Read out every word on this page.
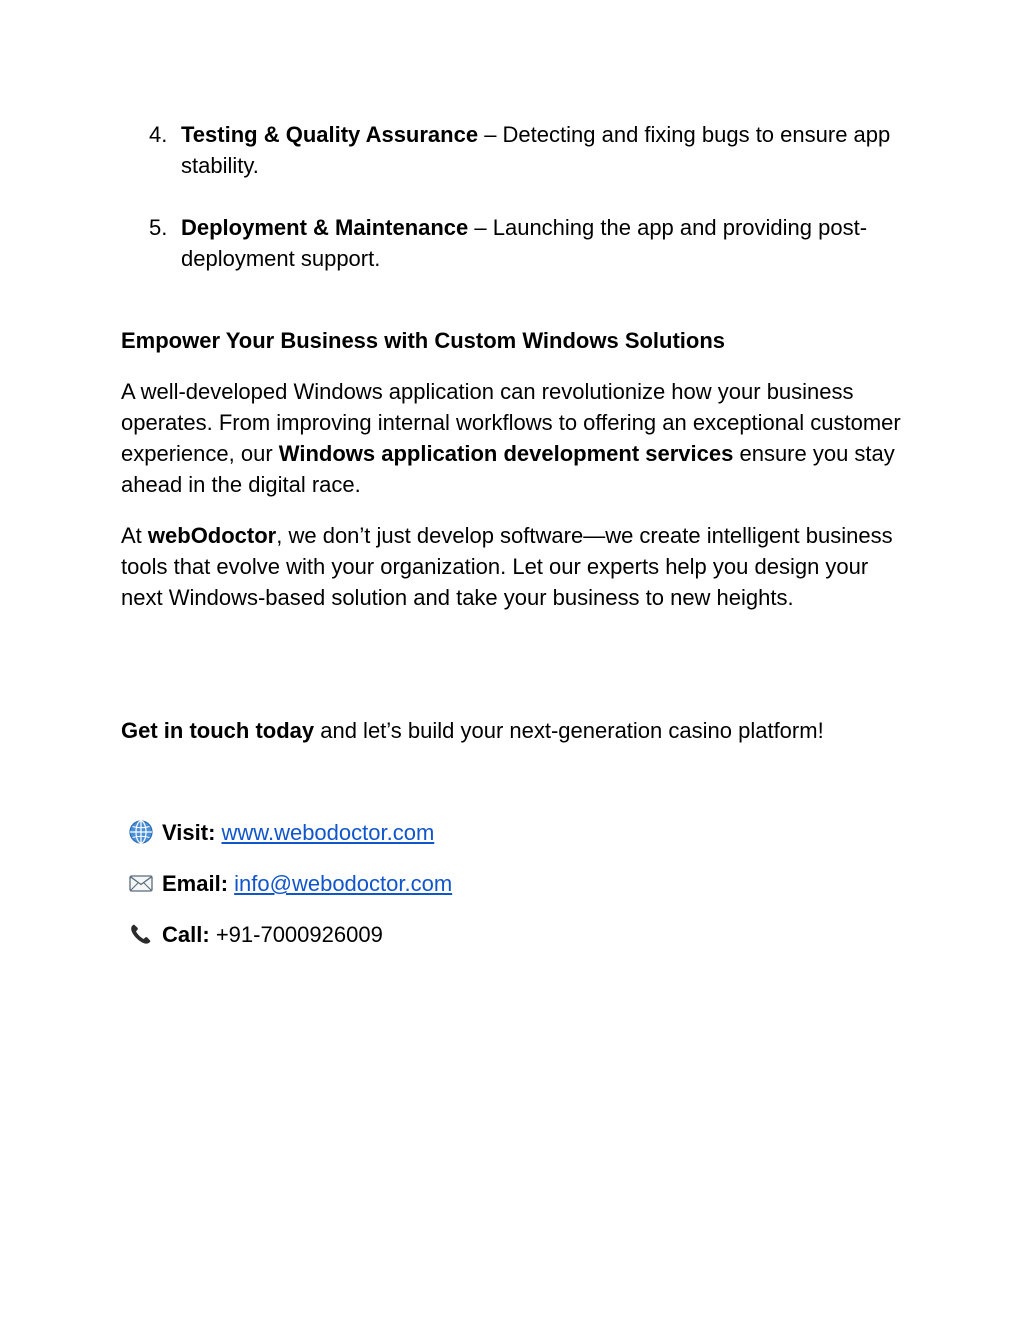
4. Testing & Quality Assurance – Detecting and fixing bugs to ensure app stability.
5. Deployment & Maintenance – Launching the app and providing post-deployment support.
Empower Your Business with Custom Windows Solutions
A well-developed Windows application can revolutionize how your business operates. From improving internal workflows to offering an exceptional customer experience, our Windows application development services ensure you stay ahead in the digital race.
At webOdoctor, we don’t just develop software—we create intelligent business tools that evolve with your organization. Let our experts help you design your next Windows-based solution and take your business to new heights.
Get in touch today and let’s build your next-generation casino platform!
Visit: www.webodoctor.com
Email: info@webodoctor.com
Call: +91-7000926009
